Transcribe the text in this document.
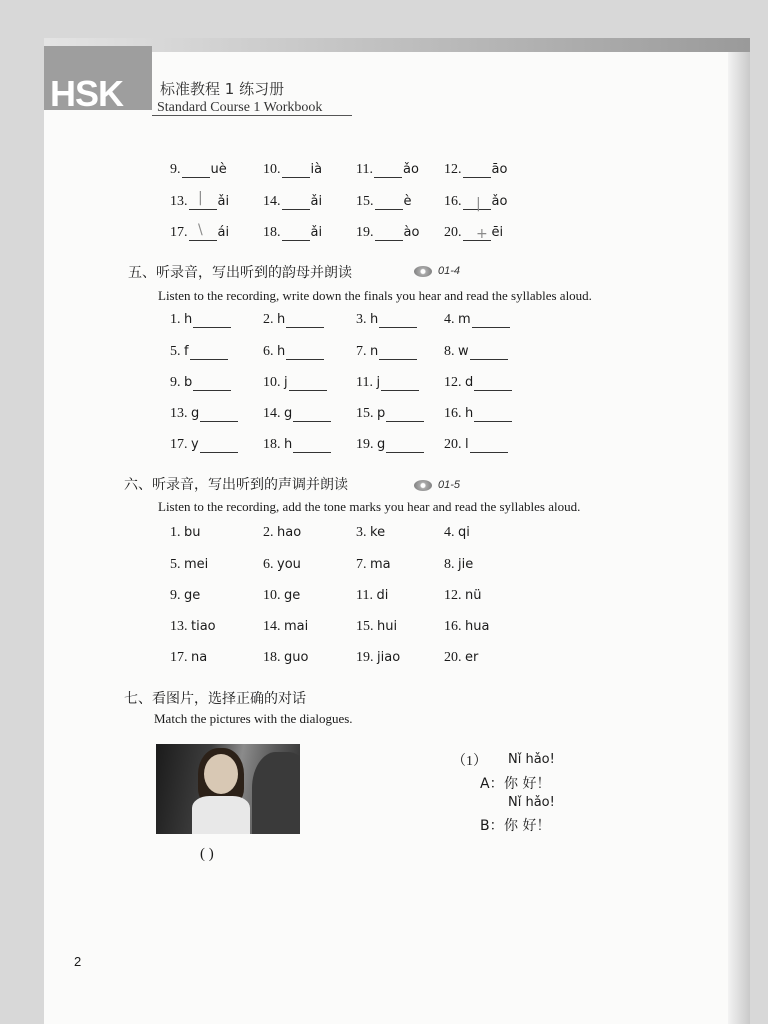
HSK 标准教程 1 练习册
Standard Course 1 Workbook
9. uè	10. ià 11. ǎo 12. āo
13. ǎi 14. ǎi 15. è 16. ǎo
17. ái 18. ǎi 19. ào 20. ēi
五、听录音，写出听到的韵母并朗读	01-4
Listen to the recording, write down the finals you hear and read the syllables aloud.
1. h	2. h	3. h	4. m
5. f	6. h	7. n	8. w
9. b	10. j	11. j	12. d
13. g	14. g	15. p	16. h
17. y	18. h	19. g	20. l
六、听录音，写出听到的声调并朗读	01-5
Listen to the recording, add the tone marks you hear and read the syllables aloud.
1. bu	2. hao	3. ke	4. qi
5. mei	6. you	7. ma	8. jie
9. ge	10. ge	11. di	12. nü
13. tiao	14. mai	15. hui	16. hua
17. na	18. guo	19. jiao	20. er
七、看图片，选择正确的对话
Match the pictures with the dialogues.
( )
（1） Nǐ hǎo!
A： 你 好！
Nǐ hǎo!
B： 你 好！
2
|
\
|
+
